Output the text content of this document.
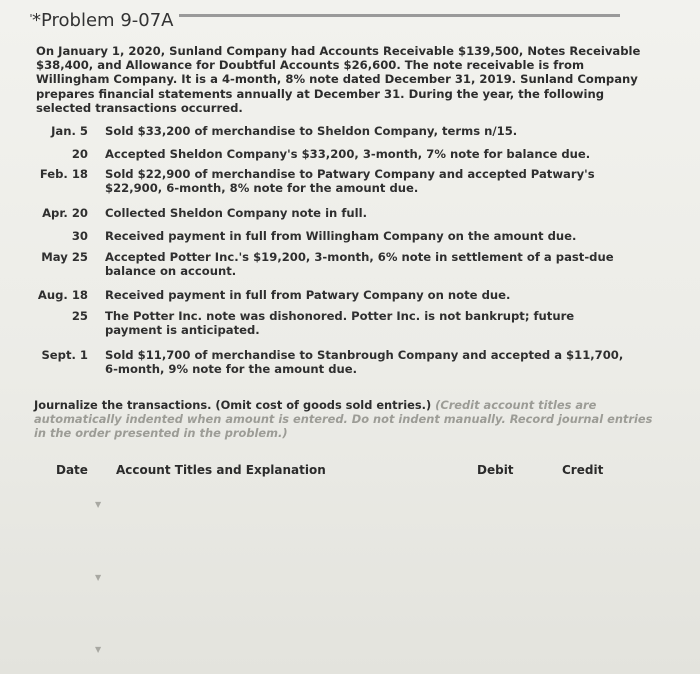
*Problem 9-07A
On January 1, 2020, Sunland Company had Accounts Receivable $139,500, Notes Receivable $38,400, and Allowance for Doubtful Accounts $26,600. The note receivable is from Willingham Company. It is a 4-month, 8% note dated December 31, 2019. Sunland Company prepares financial statements annually at December 31. During the year, the following selected transactions occurred.
Jan. 5 Sold $33,200 of merchandise to Sheldon Company, terms n/15.
20 Accepted Sheldon Company's $33,200, 3-month, 7% note for balance due.
Feb. 18 Sold $22,900 of merchandise to Patwary Company and accepted Patwary's $22,900, 6-month, 8% note for the amount due.
Apr. 20 Collected Sheldon Company note in full.
30 Received payment in full from Willingham Company on the amount due.
May 25 Accepted Potter Inc.'s $19,200, 3-month, 6% note in settlement of a past-due balance on account.
Aug. 18 Received payment in full from Patwary Company on note due.
25 The Potter Inc. note was dishonored. Potter Inc. is not bankrupt; future payment is anticipated.
Sept. 1 Sold $11,700 of merchandise to Stanbrough Company and accepted a $11,700, 6-month, 9% note for the amount due.
Journalize the transactions. (Omit cost of goods sold entries.) (Credit account titles are automatically indented when amount is entered. Do not indent manually. Record journal entries in the order presented in the problem.)
Date Account Titles and Explanation	Debit	Credit
▼
▼
▼
